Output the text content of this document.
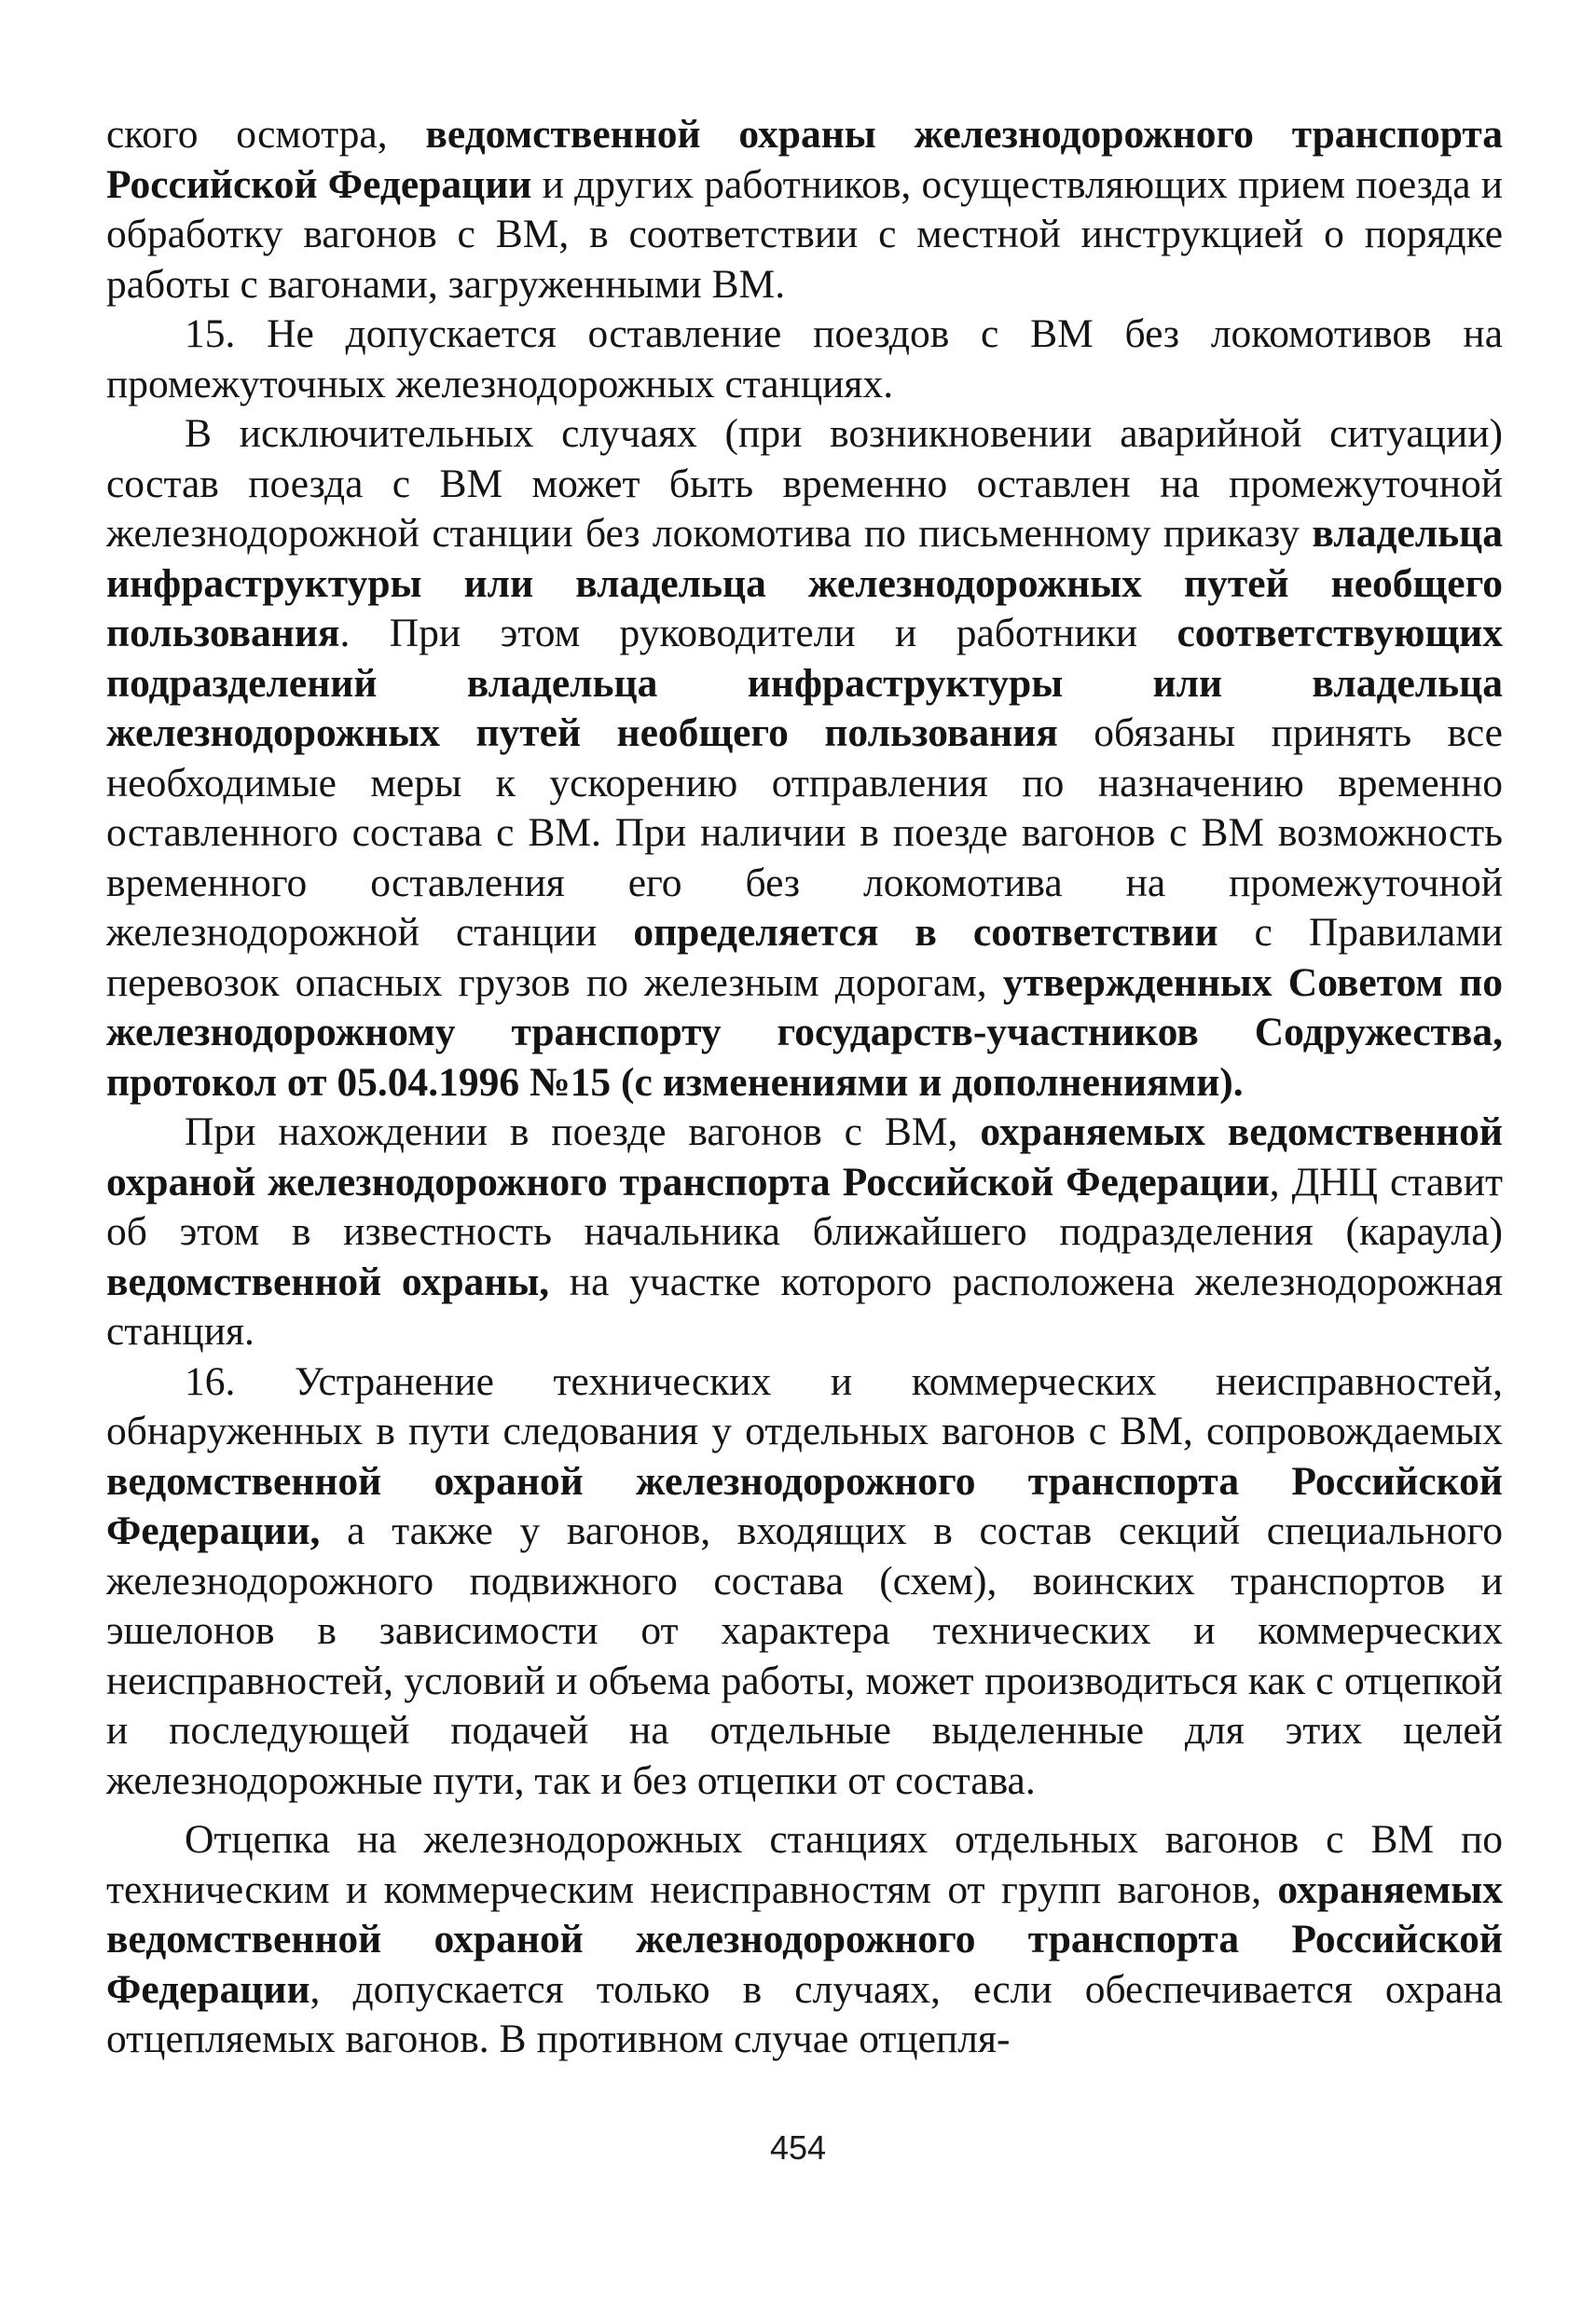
ского осмотра, ведомственной охраны железнодорожного транспорта Российской Федерации и других работников, осуществляющих прием поезда и обработку вагонов с ВМ, в соответствии с местной инструкцией о порядке работы с вагонами, загруженными ВМ.

15. Не допускается оставление поездов с ВМ без локомотивов на промежуточных железнодорожных станциях.

В исключительных случаях (при возникновении аварийной ситуации) состав поезда с ВМ может быть временно оставлен на промежуточной железнодорожной станции без локомотива по письменному приказу владельца инфраструктуры или владельца железнодорожных путей необщего пользования. При этом руководители и работники соответствующих подразделений владельца инфраструктуры или владельца железнодорожных путей необщего пользования обязаны принять все необходимые меры к ускорению отправления по назначению временно оставленного состава с ВМ. При наличии в поезде вагонов с ВМ возможность временного оставления его без локомотива на промежуточной железнодорожной станции определяется в соответствии с Правилами перевозок опасных грузов по железным дорогам, утвержденных Советом по железнодорожному транспорту государств-участников Содружества, протокол от 05.04.1996 №15 (с изменениями и дополнениями).

При нахождении в поезде вагонов с ВМ, охраняемых ведомственной охраной железнодорожного транспорта Российской Федерации, ДНЦ ставит об этом в известность начальника ближайшего подразделения (караула) ведомственной охраны, на участке которого расположена железнодорожная станция.

16. Устранение технических и коммерческих неисправностей, обнаруженных в пути следования у отдельных вагонов с ВМ, сопровождаемых ведомственной охраной железнодорожного транспорта Российской Федерации, а также у вагонов, входящих в состав секций специального железнодорожного подвижного состава (схем), воинских транспортов и эшелонов в зависимости от характера технических и коммерческих неисправностей, условий и объема работы, может производиться как с отцепкой и последующей подачей на отдельные выделенные для этих целей железнодорожные пути, так и без отцепки от состава.

Отцепка на железнодорожных станциях отдельных вагонов с ВМ по техническим и коммерческим неисправностям от групп вагонов, охраняемых ведомственной охраной железнодорожного транспорта Российской Федерации, допускается только в случаях, если обеспечивается охрана отцепляемых вагонов. В противном случае отцепля-

454
